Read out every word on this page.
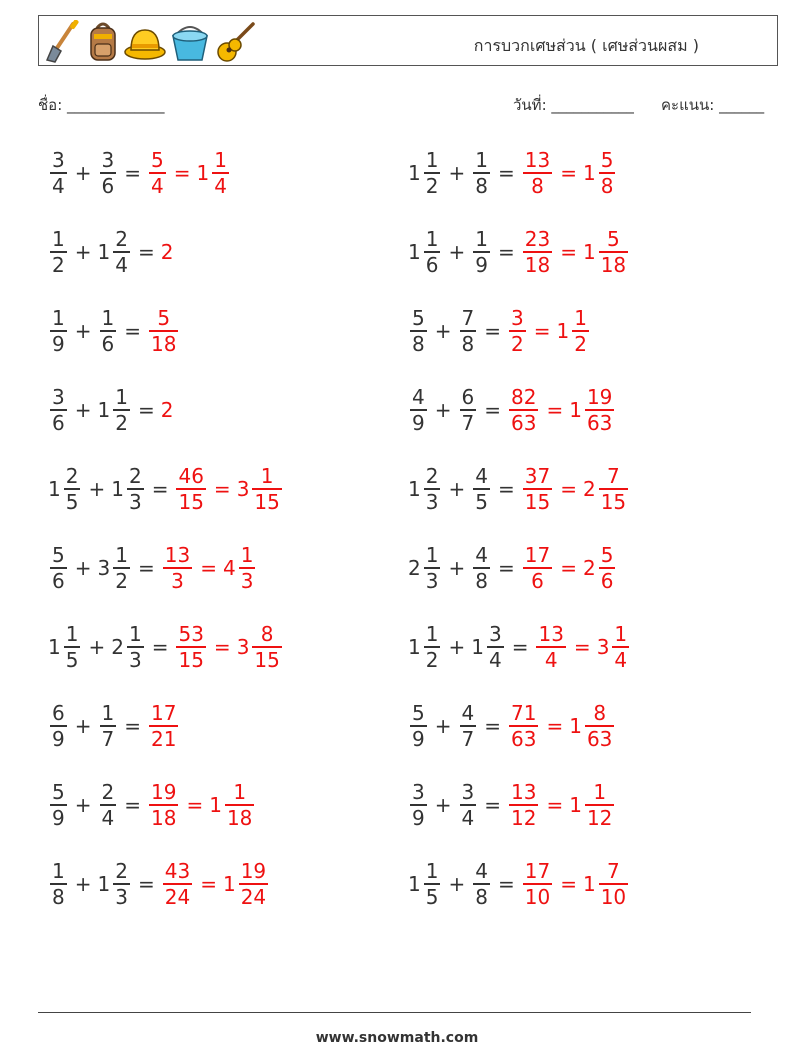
การบวกเศษส่วน ( เศษส่วนผสม )
ชื่อ: _____________	วันที่: ___________ คะแนน: ______
$\frac{3}{4} + \frac{3}{6} = \frac{5}{4} = 1 \frac{1}{4}$	$1 \frac{1}{2} + \frac{1}{8} = \frac{13}{8} = 1 \frac{5}{8}$
$\frac{1}{2} + 1 \frac{2}{4} = 2$	$1 \frac{1}{6} + \frac{1}{9} = \frac{23}{18} = 1 \frac{5}{18}$
$\frac{1}{9} + \frac{1}{6} = \frac{5}{18}$	$\frac{5}{8} + \frac{7}{8} = \frac{3}{2} = 1 \frac{1}{2}$
$\frac{3}{6} + 1 \frac{1}{2} = 2$	$\frac{4}{9} + \frac{6}{7} = \frac{82}{63} = 1 \frac{19}{63}$
$1 \frac{2}{5} + 1 \frac{2}{3} = \frac{46}{15} = 3 \frac{1}{15}$	$1 \frac{2}{3} + \frac{4}{5} = \frac{37}{15} = 2 \frac{7}{15}$
$\frac{5}{6} + 3 \frac{1}{2} = \frac{13}{3} = 4 \frac{1}{3}$	$2 \frac{1}{3} + \frac{4}{8} = \frac{17}{6} = 2 \frac{5}{6}$
$1 \frac{1}{5} + 2 \frac{1}{3} = \frac{53}{15} = 3 \frac{8}{15}$	$1 \frac{1}{2} + 1 \frac{3}{4} = \frac{13}{4} = 3 \frac{1}{4}$
$\frac{6}{9} + \frac{1}{7} = \frac{17}{21}$	$\frac{5}{9} + \frac{4}{7} = \frac{71}{63} = 1 \frac{8}{63}$
$\frac{5}{9} + \frac{2}{4} = \frac{19}{18} = 1 \frac{1}{18}$	$\frac{3}{9} + \frac{3}{4} = \frac{13}{12} = 1 \frac{1}{12}$
$\frac{1}{8} + 1 \frac{2}{3} = \frac{43}{24} = 1 \frac{19}{24}$	$1 \frac{1}{5} + \frac{4}{8} = \frac{17}{10} = 1 \frac{7}{10}$
www.snowmath.com
